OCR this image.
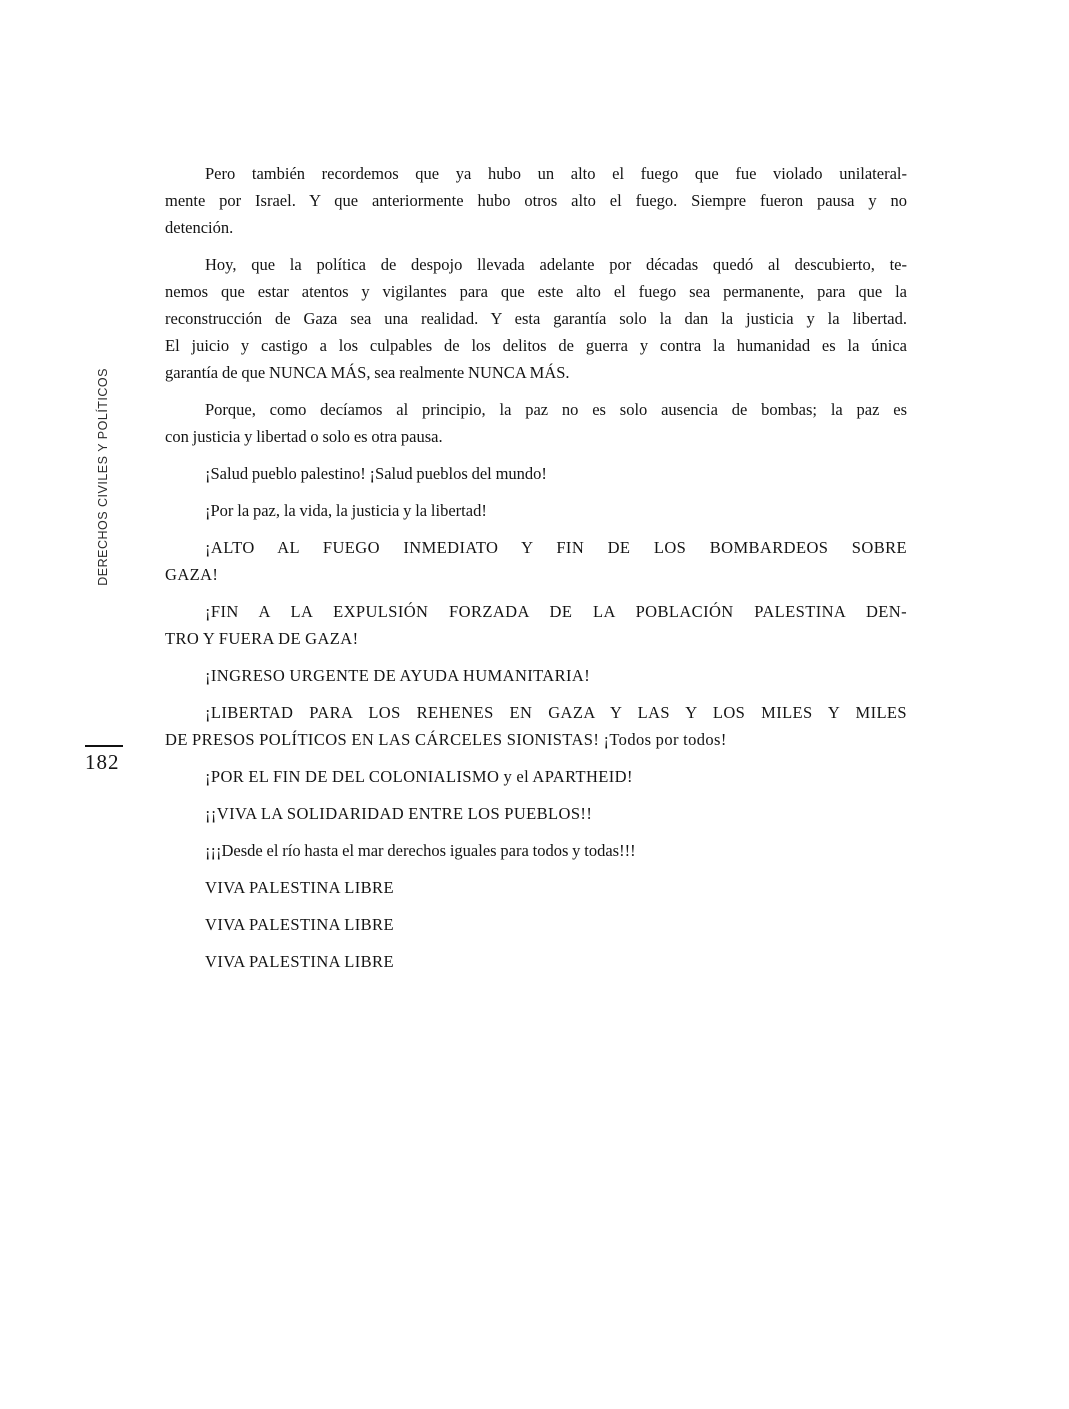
DERECHOS CIVILES Y POLÍTICOS
182

Pero también recordemos que ya hubo un alto el fuego que fue violado unilateral-
mente por Israel. Y que anteriormente hubo otros alto el fuego. Siempre fueron pausa y no
detención.

Hoy, que la política de despojo llevada adelante por décadas quedó al descubierto, te-
nemos que estar atentos y vigilantes para que este alto el fuego sea permanente, para que la
reconstrucción de Gaza sea una realidad. Y esta garantía solo la dan la justicia y la libertad.
El juicio y castigo a los culpables de los delitos de guerra y contra la humanidad es la única
garantía de que NUNCA MÁS, sea realmente NUNCA MÁS.

Porque, como decíamos al principio, la paz no es solo ausencia de bombas; la paz es
con justicia y libertad o solo es otra pausa.

¡Salud pueblo palestino! ¡Salud pueblos del mundo!

¡Por la paz, la vida, la justicia y la libertad!

¡ALTO AL FUEGO INMEDIATO Y FIN DE LOS BOMBARDEOS SOBRE
GAZA!

¡FIN A LA EXPULSIÓN FORZADA DE LA POBLACIÓN PALESTINA DEN-
TRO Y FUERA DE GAZA!

¡INGRESO URGENTE DE AYUDA HUMANITARIA!

¡LIBERTAD PARA LOS REHENES EN GAZA Y LAS Y LOS MILES Y MILES
DE PRESOS POLÍTICOS EN LAS CÁRCELES SIONISTAS! ¡Todos por todos!

¡POR EL FIN DE DEL COLONIALISMO y el APARTHEID!

¡¡VIVA LA SOLIDARIDAD ENTRE LOS PUEBLOS!!

¡¡¡Desde el río hasta el mar derechos iguales para todos y todas!!!

VIVA PALESTINA LIBRE

VIVA PALESTINA LIBRE

VIVA PALESTINA LIBRE
